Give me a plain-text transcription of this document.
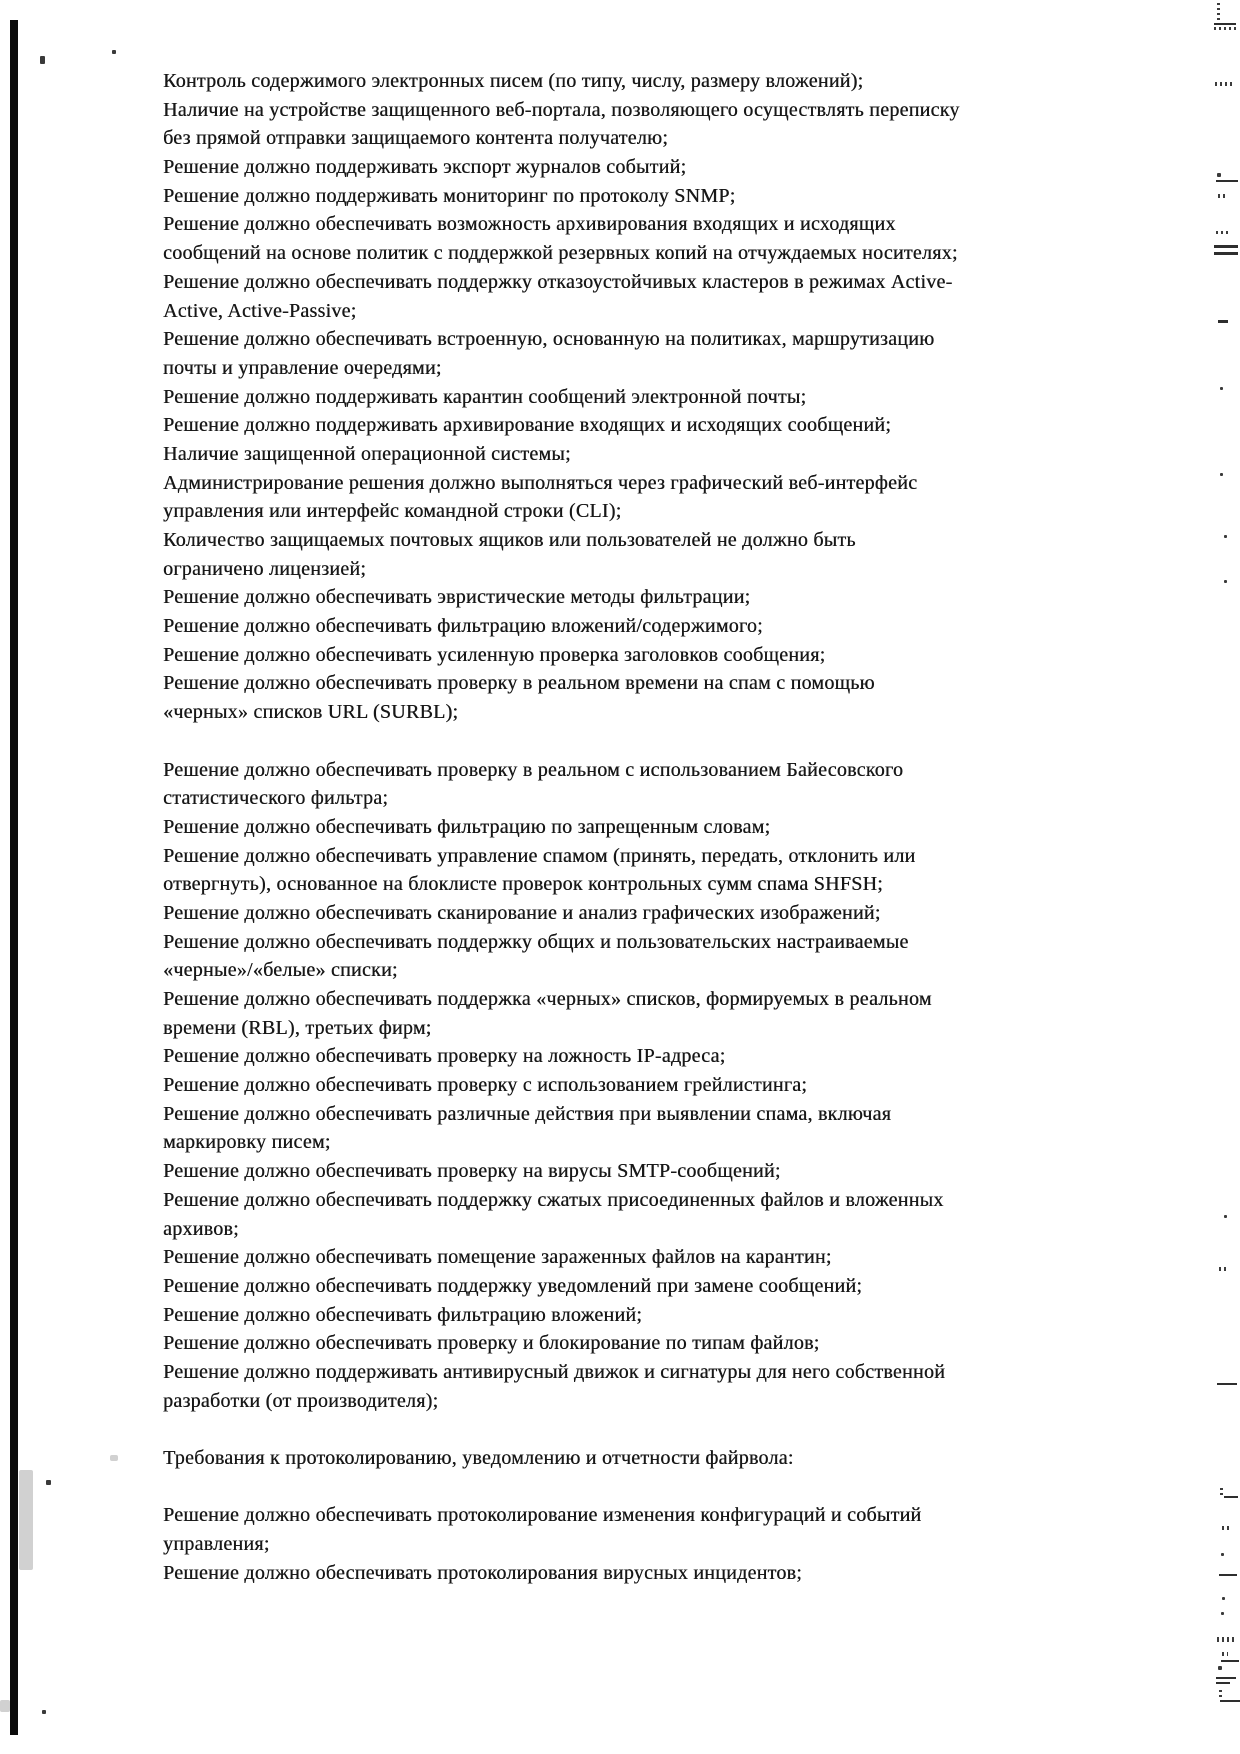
Контроль содержимого электронных писем (по типу, числу, размеру вложений);
Наличие на устройстве защищенного веб-портала, позволяющего осуществлять переписку
без прямой отправки защищаемого контента получателю;
Решение должно поддерживать экспорт журналов событий;
Решение должно поддерживать мониторинг по протоколу SNMP;
Решение должно обеспечивать возможность архивирования входящих и исходящих
сообщений на основе политик с поддержкой резервных копий на отчуждаемых носителях;
Решение должно обеспечивать поддержку отказоустойчивых кластеров в режимах Active-
Active, Active-Passive;
Решение должно обеспечивать встроенную, основанную на политиках, маршрутизацию
почты и управление очередями;
Решение должно поддерживать карантин сообщений электронной почты;
Решение должно поддерживать архивирование входящих и исходящих сообщений;
Наличие защищенной операционной системы;
Администрирование решения должно выполняться через графический веб-интерфейс
управления или интерфейс командной строки (CLI);
Количество защищаемых почтовых ящиков или пользователей не должно быть
ограничено лицензией;
Решение должно обеспечивать эвристические методы фильтрации;
Решение должно обеспечивать фильтрацию вложений/содержимого;
Решение должно обеспечивать усиленную проверка заголовков сообщения;
Решение должно обеспечивать проверку в реальном времени на спам с помощью
«черных» списков URL (SURBL);
Решение должно обеспечивать проверку в реальном с использованием Байесовского
статистического фильтра;
Решение должно обеспечивать фильтрацию по запрещенным словам;
Решение должно обеспечивать управление спамом (принять, передать, отклонить или
отвергнуть), основанное на блоклисте проверок контрольных сумм спама SHFSH;
Решение должно обеспечивать сканирование и анализ графических изображений;
Решение должно обеспечивать поддержку общих и пользовательских настраиваемые
«черные»/«белые» списки;
Решение должно обеспечивать поддержка «черных» списков, формируемых в реальном
времени (RBL), третьих фирм;
Решение должно обеспечивать проверку на ложность IP-адреса;
Решение должно обеспечивать проверку с использованием грейлистинга;
Решение должно обеспечивать различные действия при выявлении спама, включая
маркировку писем;
Решение должно обеспечивать проверку на вирусы SMTP-сообщений;
Решение должно обеспечивать поддержку сжатых присоединенных файлов и вложенных
архивов;
Решение должно обеспечивать помещение зараженных файлов на карантин;
Решение должно обеспечивать поддержку уведомлений при замене сообщений;
Решение должно обеспечивать фильтрацию вложений;
Решение должно обеспечивать проверку и блокирование по типам файлов;
Решение должно поддерживать антивирусный движок и сигнатуры для него собственной
разработки (от производителя);
Требования к протоколированию, уведомлению и отчетности файрвола:
Решение должно обеспечивать протоколирование изменения конфигураций и событий
управления;
Решение должно обеспечивать протоколирования вирусных инцидентов;
